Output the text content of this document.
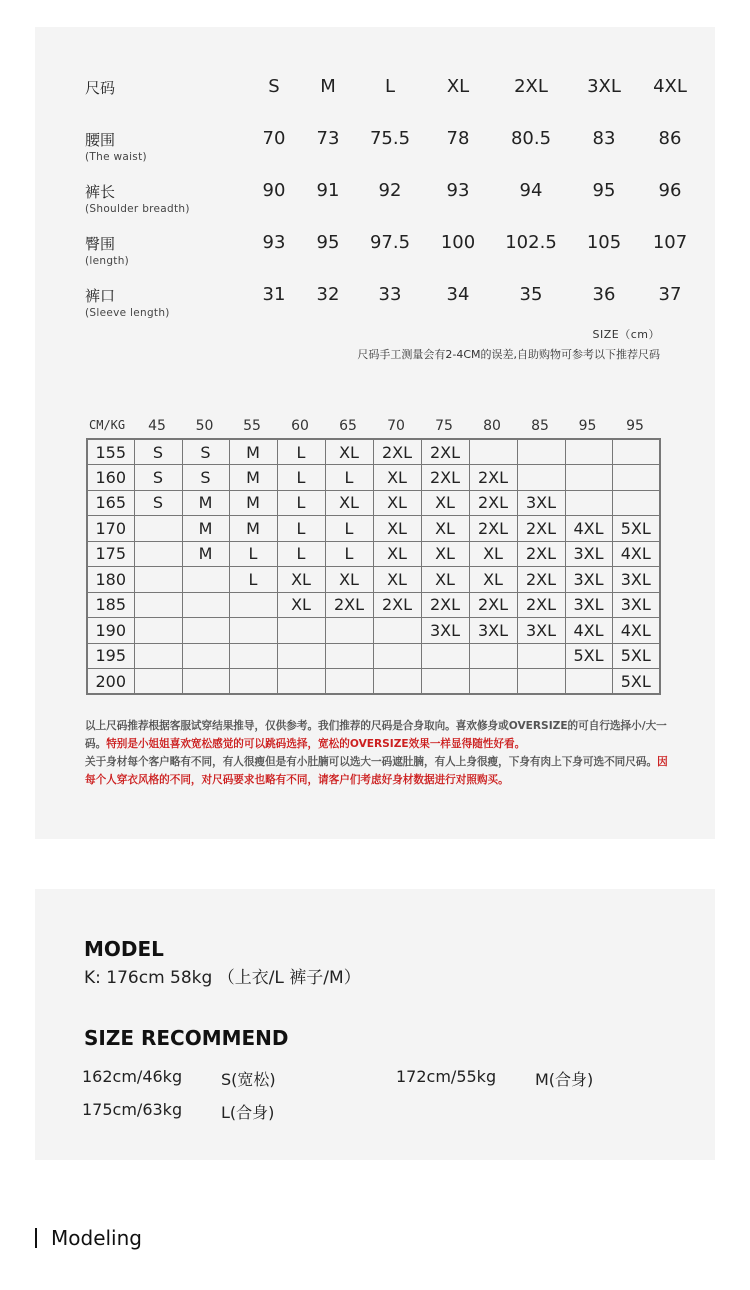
尺码	S M	L	XL 2XL 3XL 4XL
腰围
(The waist)
70 73 75.5 78 80.5 83 86
裤长
(Shoulder breadth)
90 91 92	93	94	95 96
臀围
(length)
93 95 97.5 100 102.5 105 107
裤口
(Sleeve length)
31 32 33	34	35	36 37
SIZE（cm）
尺码手工测量会有2-4CM的误差,自助购物可参考以下推荐尺码
CM/KG 45 50 55 60 65 70 75 80 85 95 95
155	S	S	M	L	XL	2XL	2XL				
160	S	S	M	L	L	XL	2XL	2XL			
165	S	M	M	L	XL	XL	XL	2XL	3XL		
170		M	M	L	L	XL	XL	2XL	2XL	4XL	5XL
175		M	L	L	L	XL	XL	XL	2XL	3XL	4XL
180			L	XL	XL	XL	XL	XL	2XL	3XL	3XL
185				XL	2XL	2XL	2XL	2XL	2XL	3XL	3XL
190							3XL	3XL	3XL	4XL	4XL
195										5XL	5XL
200											5XL
以上尺码推荐根据客服试穿结果推导，仅供参考。我们推荐的尺码是合身取向。喜欢修身或OVERSIZE的可自行选择小/大一码。特别是小姐姐喜欢宽松感觉的可以跳码选择，宽松的OVERSIZE效果一样显得随性好看。
关于身材每个客户略有不同，有人很瘦但是有小肚腩可以选大一码遮肚腩，有人上身很瘦，下身有肉上下身可选不同尺码。因每个人穿衣风格的不同，对尺码要求也略有不同，请客户们考虑好身材数据进行对照购买。
MODEL
K: 176cm 58kg （上衣/L 裤子/M）
SIZE RECOMMEND
162cm/46kg S(宽松)	172cm/55kg M(合身)
175cm/63kg L(合身)
Modeling
